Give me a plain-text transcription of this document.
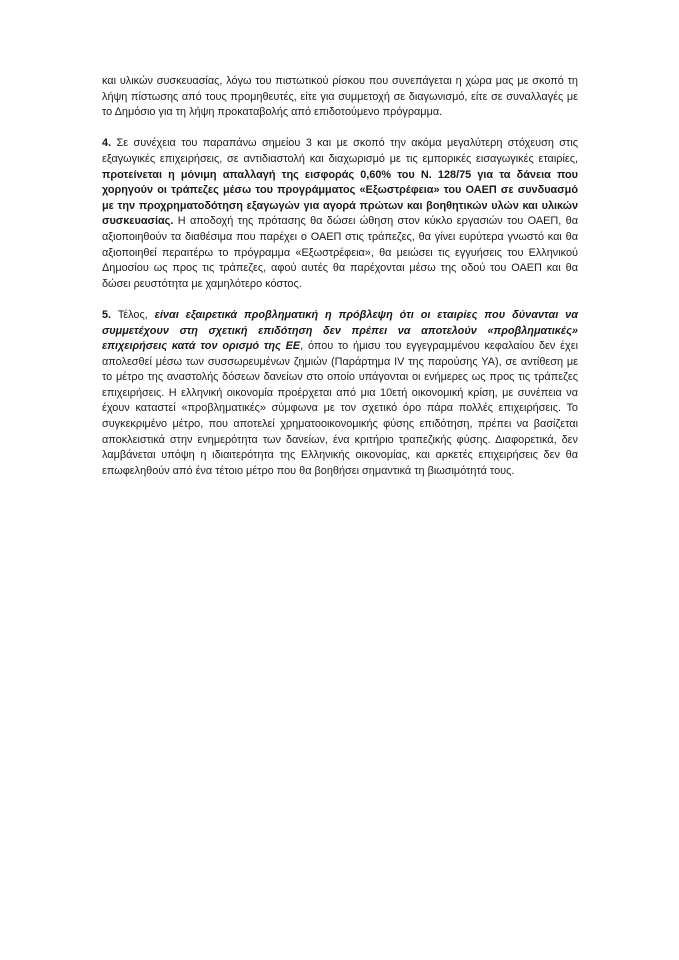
και υλικών συσκευασίας, λόγω του πιστωτικού ρίσκου που συνεπάγεται η χώρα μας με σκοπό τη λήψη πίστωσης από τους προμηθευτές, είτε για συμμετοχή σε διαγωνισμό, είτε σε συναλλαγές με το Δημόσιο για τη λήψη προκαταβολής από επιδοτούμενο πρόγραμμα.

4. Σε συνέχεια του παραπάνω σημείου 3 και με σκοπό την ακόμα μεγαλύτερη στόχευση στις εξαγωγικές επιχειρήσεις, σε αντιδιαστολή και διαχωρισμό με τις εμπορικές εισαγωγικές εταιρίες, προτείνεται η μόνιμη απαλλαγή της εισφοράς 0,60% του Ν. 128/75 για τα δάνεια που χορηγούν οι τράπεζες μέσω του προγράμματος «Εξωστρέφεια» του ΟΑΕΠ σε συνδυασμό με την προχρηματοδότηση εξαγωγών για αγορά πρώτων και βοηθητικών υλών και υλικών συσκευασίας. Η αποδοχή της πρότασης θα δώσει ώθηση στον κύκλο εργασιών του ΟΑΕΠ, θα αξιοποιηθούν τα διαθέσιμα που παρέχει ο ΟΑΕΠ στις τράπεζες, θα γίνει ευρύτερα γνωστό και θα αξιοποιηθεί περαιτέρω το πρόγραμμα «Εξωστρέφεια», θα μειώσει τις εγγυήσεις του Ελληνικού Δημοσίου ως προς τις τράπεζες, αφού αυτές θα παρέχονται μέσω της οδού του ΟΑΕΠ και θα δώσει ρευστότητα με χαμηλότερο κόστος.

5. Τέλος, είναι εξαιρετικά προβληματική η πρόβλεψη ότι οι εταιρίες που δύνανται να συμμετέχουν στη σχετική επιδότηση δεν πρέπει να αποτελούν «προβληματικές» επιχειρήσεις κατά τον ορισμό της ΕΕ, όπου το ήμισυ του εγγεγραμμένου κεφαλαίου δεν έχει απολεσθεί μέσω των συσσωρευμένων ζημιών (Παράρτημα IV της παρούσης ΥΑ), σε αντίθεση με το μέτρο της αναστολής δόσεων δανείων στο οποίο υπάγονται οι ενήμερες ως προς τις τράπεζες επιχειρήσεις. Η ελληνική οικονομία προέρχεται από μια 10ετή οικονομική κρίση, με συνέπεια να έχουν καταστεί «προβληματικές» σύμφωνα με τον σχετικό όρο πάρα πολλές επιχειρήσεις. Το συγκεκριμένο μέτρο, που αποτελεί χρηματοοικονομικής φύσης επιδότηση, πρέπει να βασίζεται αποκλειστικά στην ενημερότητα των δανείων, ένα κριτήριο τραπεζικής φύσης. Διαφορετικά, δεν λαμβάνεται υπόψη η ιδιαιτερότητα της Ελληνικής οικονομίας, και αρκετές επιχειρήσεις δεν θα επωφεληθούν από ένα τέτοιο μέτρο που θα βοηθήσει σημαντικά τη βιωσιμότητά τους.
